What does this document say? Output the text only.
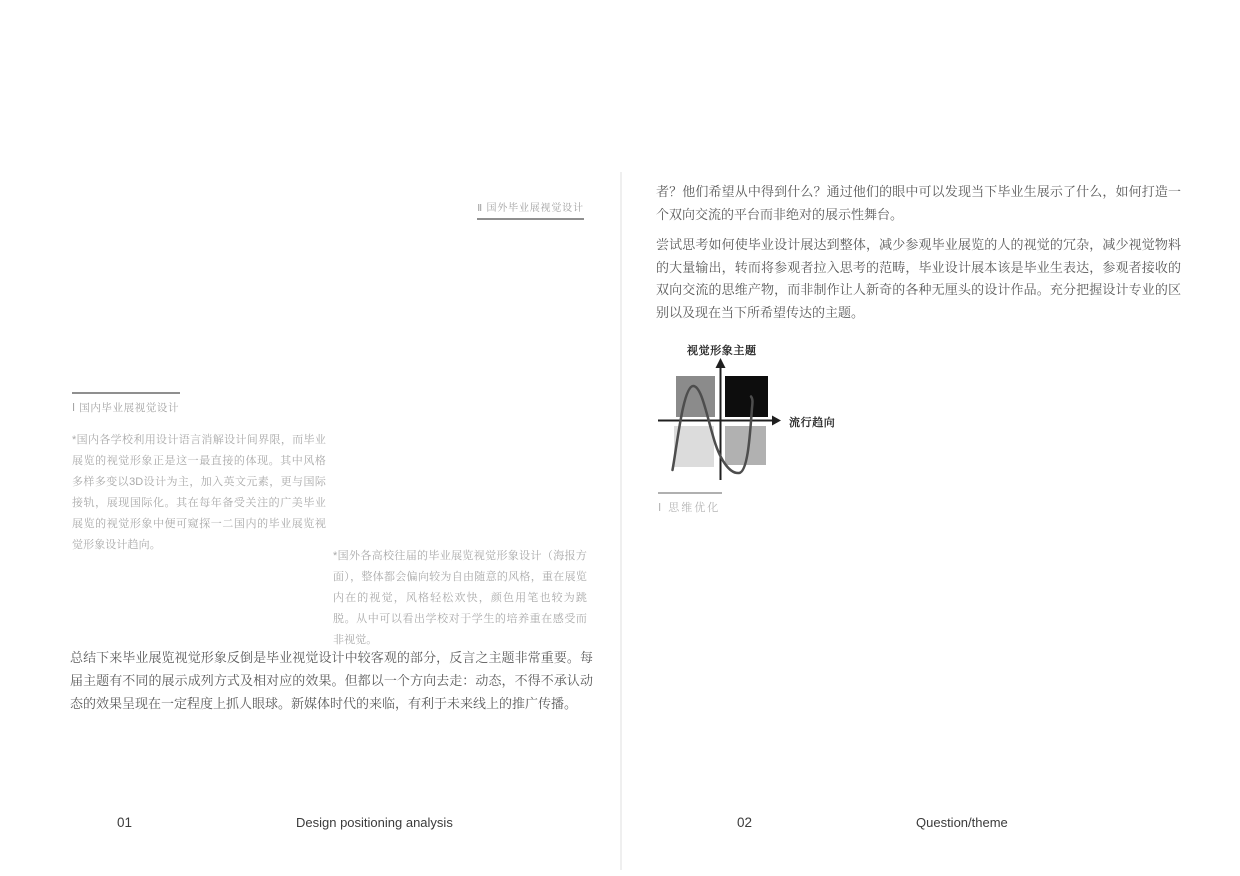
Ⅱ 国外毕业展视觉设计
Ⅰ 国内毕业展视觉设计
*国内各学校利用设计语言消解设计间界限，而毕业展览的视觉形象正是这一最直接的体现。其中风格多样多变以3D设计为主，加入英文元素，更与国际接轨，展现国际化。其在每年备受关注的广美毕业展览的视觉形象中便可窥探一二国内的毕业展览视觉形象设计趋向。
*国外各高校往届的毕业展览视觉形象设计（海报方面），整体都会偏向较为自由随意的风格，重在展览内在的视觉，风格轻松欢快，颜色用笔也较为跳脱。从中可以看出学校对于学生的培养重在感受而非视觉。
总结下来毕业展览视觉形象反倒是毕业视觉设计中较客观的部分，反言之主题非常重要。每届主题有不同的展示成列方式及相对应的效果。但都以一个方向去走：动态，不得不承认动态的效果呈现在一定程度上抓人眼球。新媒体时代的来临，有利于未来线上的推广传播。
01	Design positioning analysis
者？他们希望从中得到什么？通过他们的眼中可以发现当下毕业生展示了什么，如何打造一个双向交流的平台而非绝对的展示性舞台。
尝试思考如何使毕业设计展达到整体，减少参观毕业展览的人的视觉的冗杂，减少视觉物料的大量输出，转而将参观者拉入思考的范畴，毕业设计展本该是毕业生表达，参观者接收的双向交流的思维产物，而非制作让人新奇的各种无厘头的设计作品。充分把握设计专业的区别以及现在当下所希望传达的主题。
视觉形象主题
流行趋向
Ⅰ 思维优化
02	Question/theme
